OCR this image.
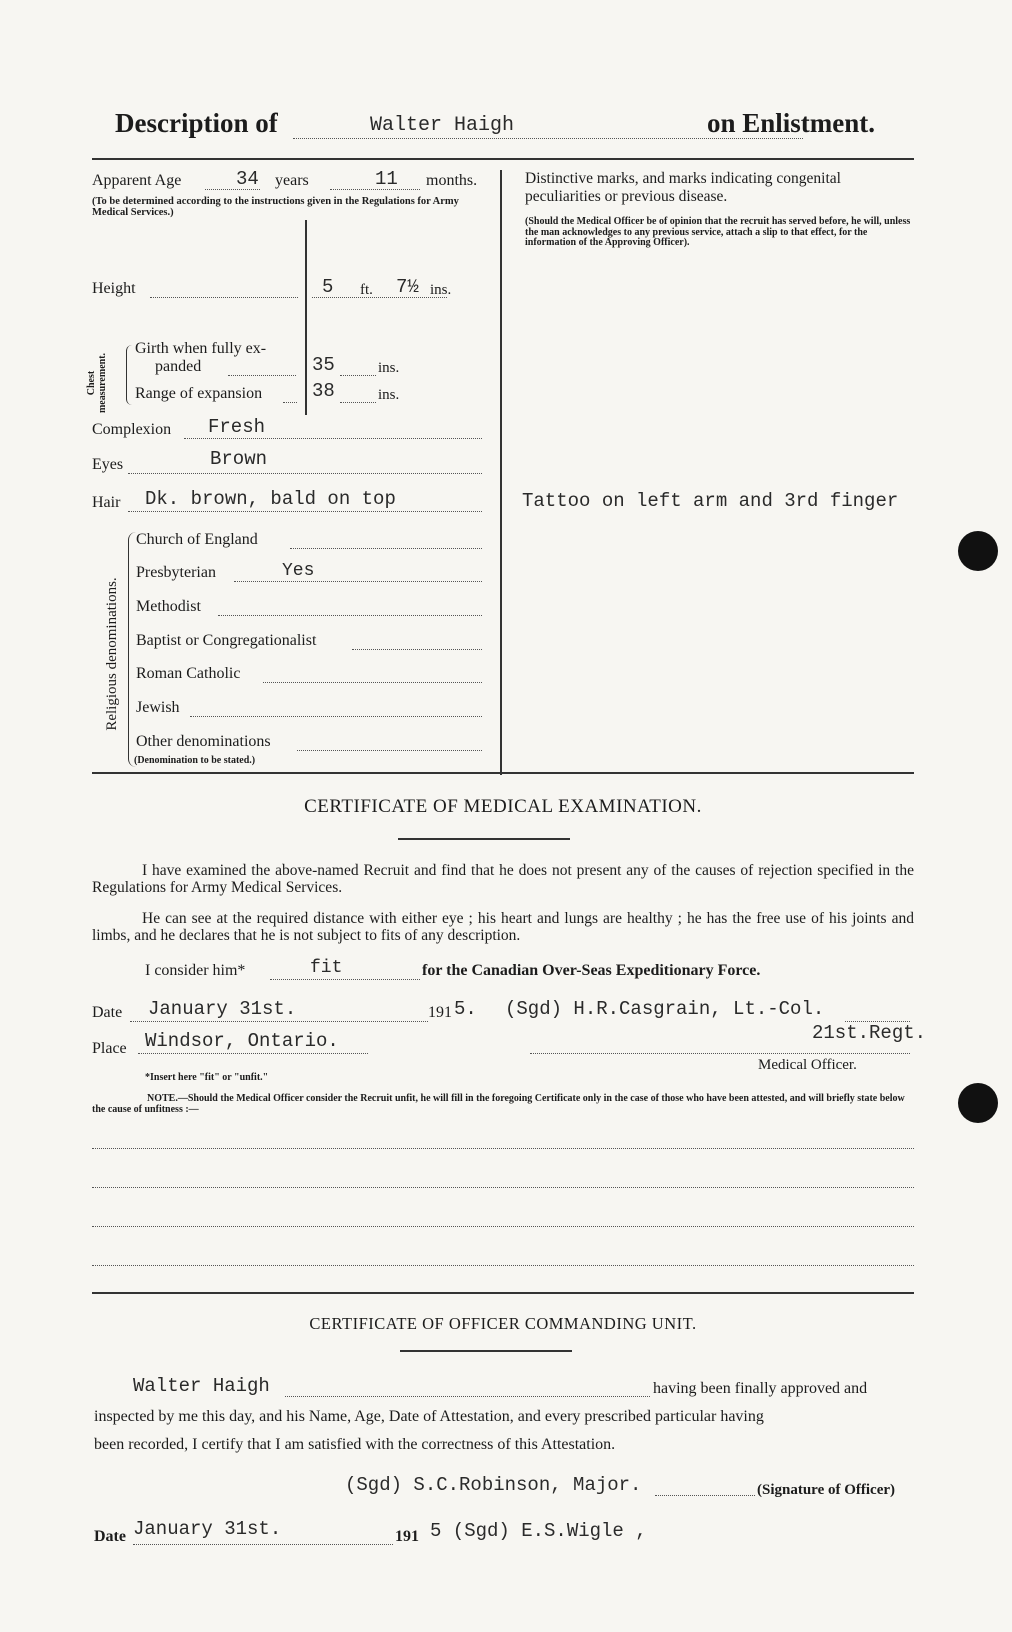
Description of	Walter Haigh	on Enlistment.
Apparent Age	34 years	11 months.
(To be determined according to the instructions given in the Regulations for Army Medical Services.)
Distinctive marks, and marks indicating congenital peculiarities or previous disease.
(Should the Medical Officer be of opinion that the recruit has served before, he will, unless the man acknowledges to any previous service, attach a slip to that effect, for the information of the Approving Officer).
Tattoo on left arm and 3rd finger
Height	5 ft. 7½ ins.
Chest measurement.
Girth when fully ex-
panded	35	ins.
Range of expansion	38	ins.
Complexion Fresh
Eyes	Brown
Hair Dk. brown, bald on top
Religious denominations.
Church of England
Presbyterian	Yes
Methodist
Baptist or Congregationalist
Roman Catholic
Jewish
Other denominations
(Denomination to be stated.)
CERTIFICATE OF MEDICAL EXAMINATION.
I have examined the above-named Recruit and find that he does not present any of the causes of rejection specified in the Regulations for Army Medical Services.
He can see at the required distance with either eye ; his heart and lungs are healthy ; he has the free use of his joints and limbs, and he declares that he is not subject to fits of any description.
I consider him*	fit	for the Canadian Over-Seas Expeditionary Force.
Date January 31st.	191 5. (Sgd) H.R.Casgrain, Lt.-Col.
21st.Regt.
Place Windsor, Ontario.
Medical Officer.
*Insert here "fit" or "unfit."
NOTE.—Should the Medical Officer consider the Recruit unfit, he will fill in the foregoing Certificate only in the case of those who have been attested, and will briefly state below the cause of unfitness :—
CERTIFICATE OF OFFICER COMMANDING UNIT.
Walter Haigh	having been finally approved and
inspected by me this day, and his Name, Age, Date of Attestation, and every prescribed particular having
been recorded, I certify that I am satisfied with the correctness of this Attestation.
(Sgd) S.C.Robinson, Major.	(Signature of Officer)
Date January 31st.	191 5 (Sgd) E.S.Wigle ,
